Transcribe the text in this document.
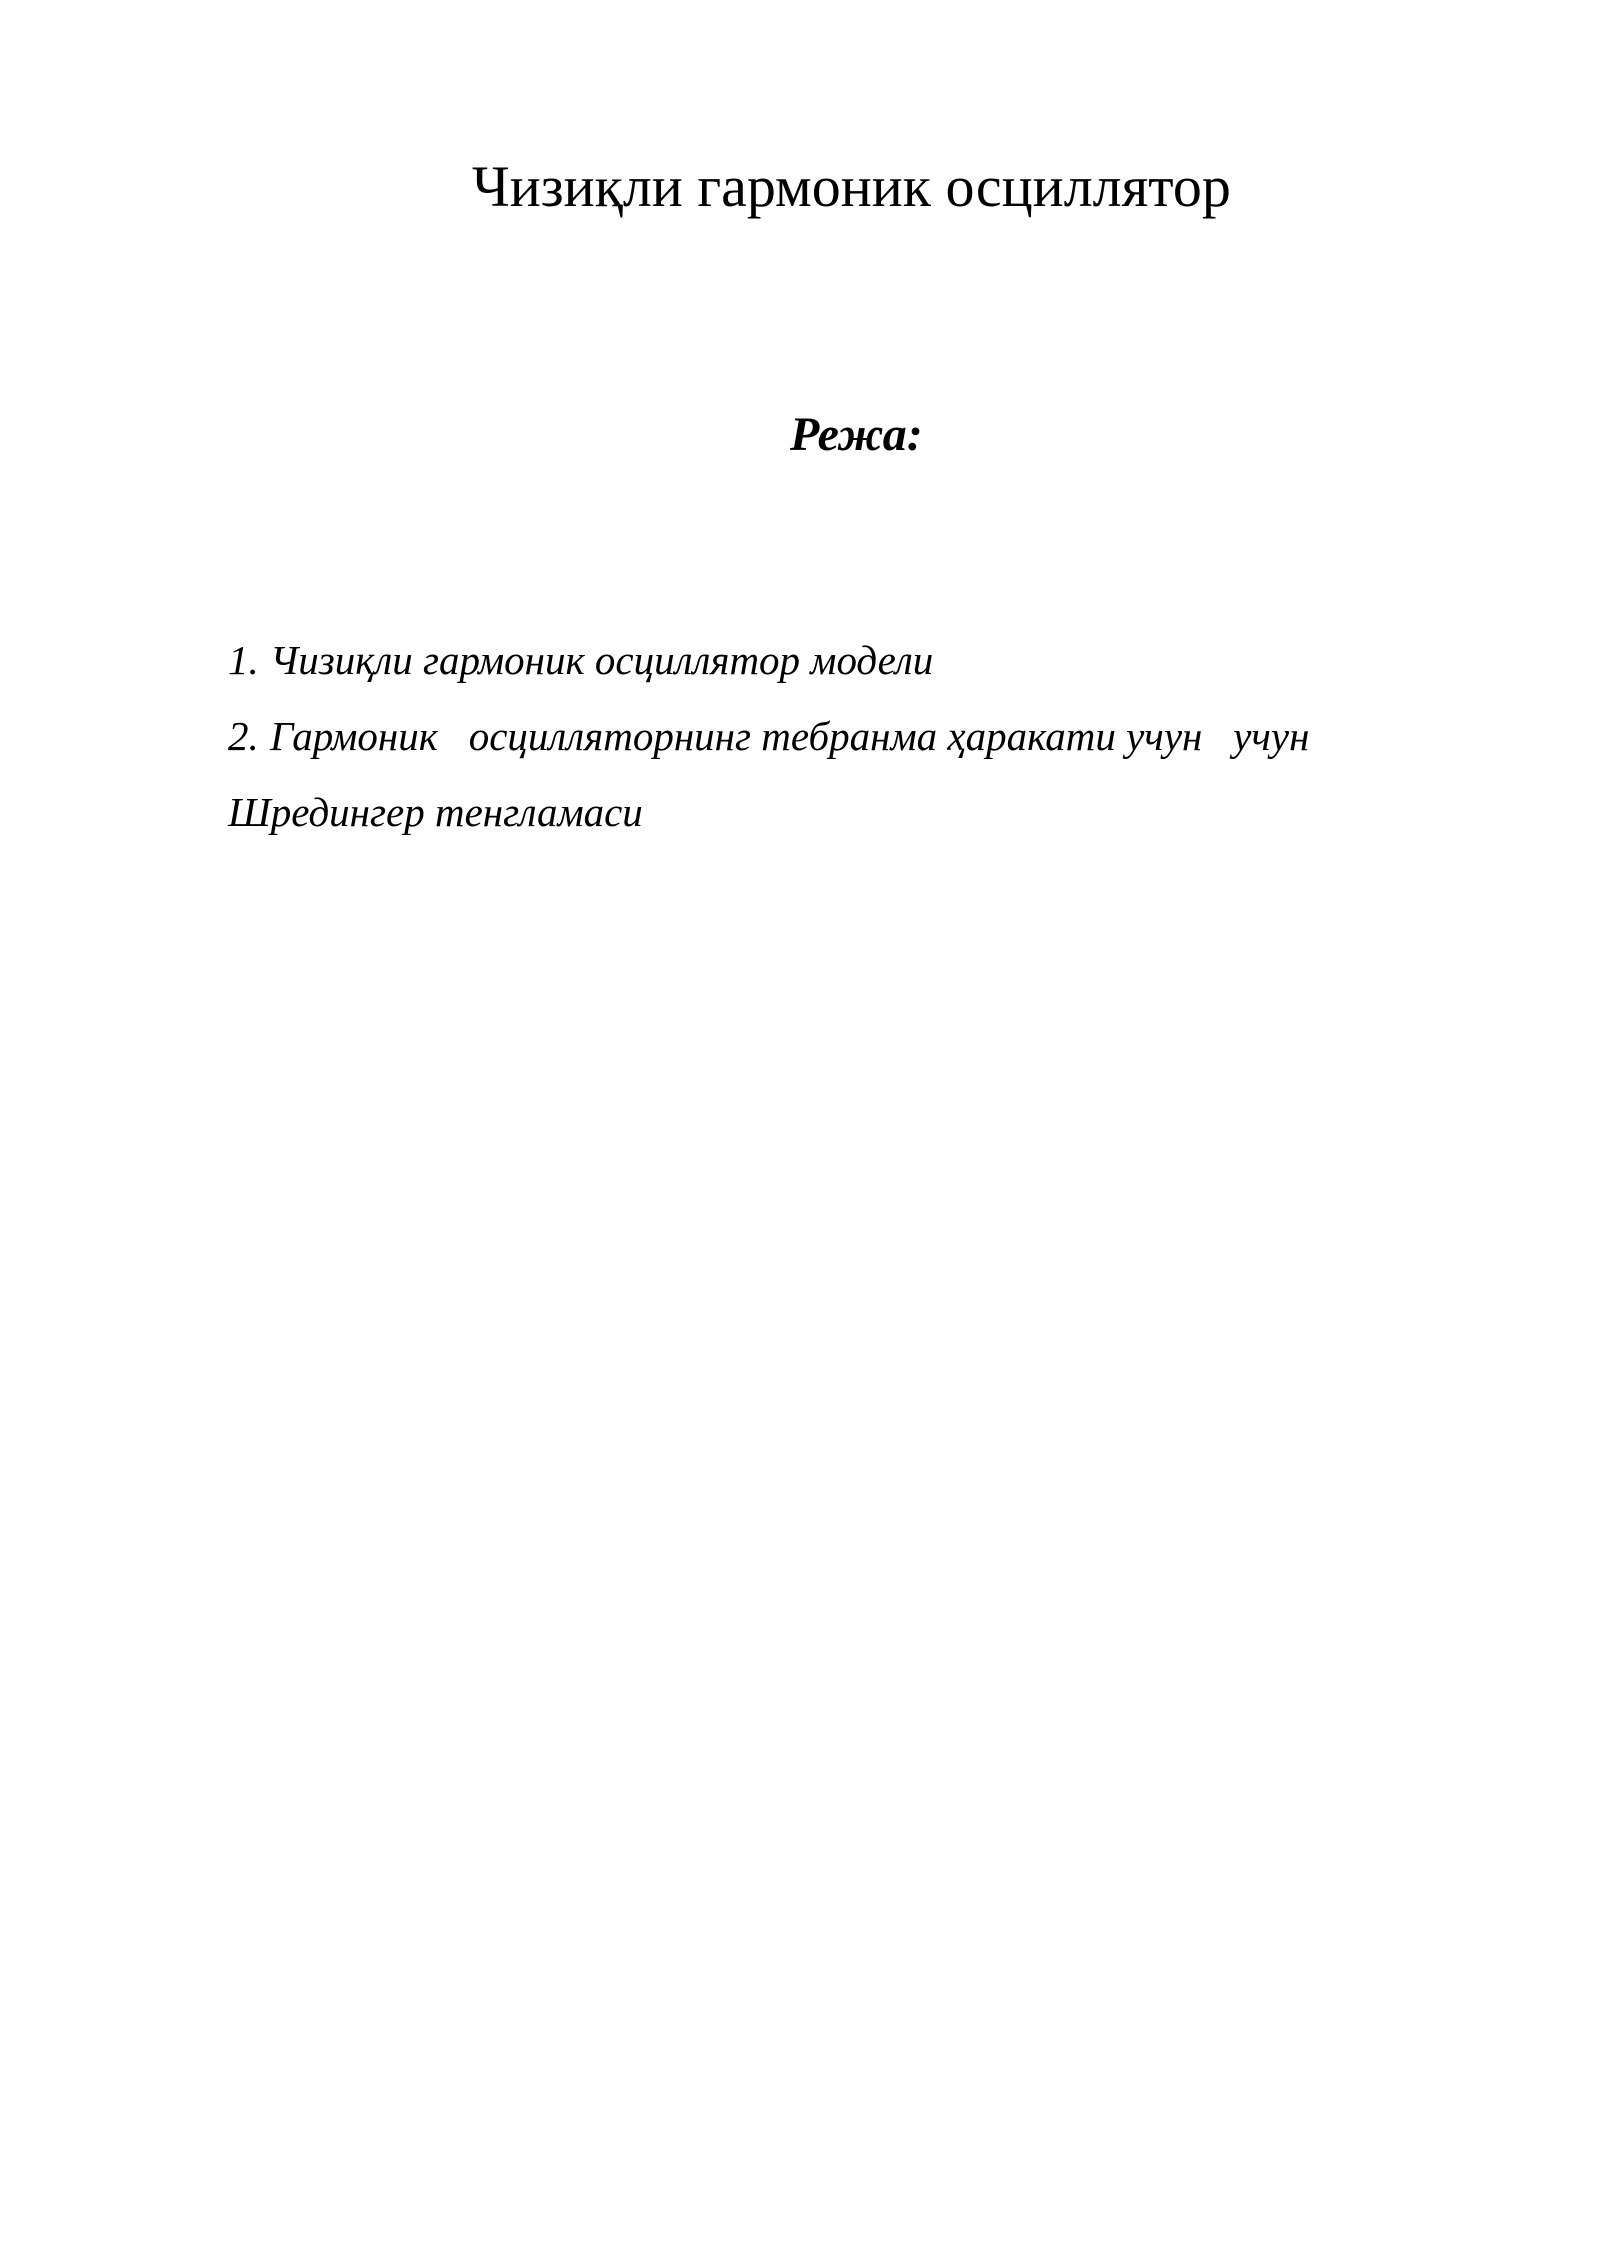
Чизиқли гармоник осциллятор
Режа:
1. Чизиқли гармоник осциллятор модели
2. Гармоник   осцилляторнинг тебранма ҳаракати учун   учун
Шредингер тенгламаси
